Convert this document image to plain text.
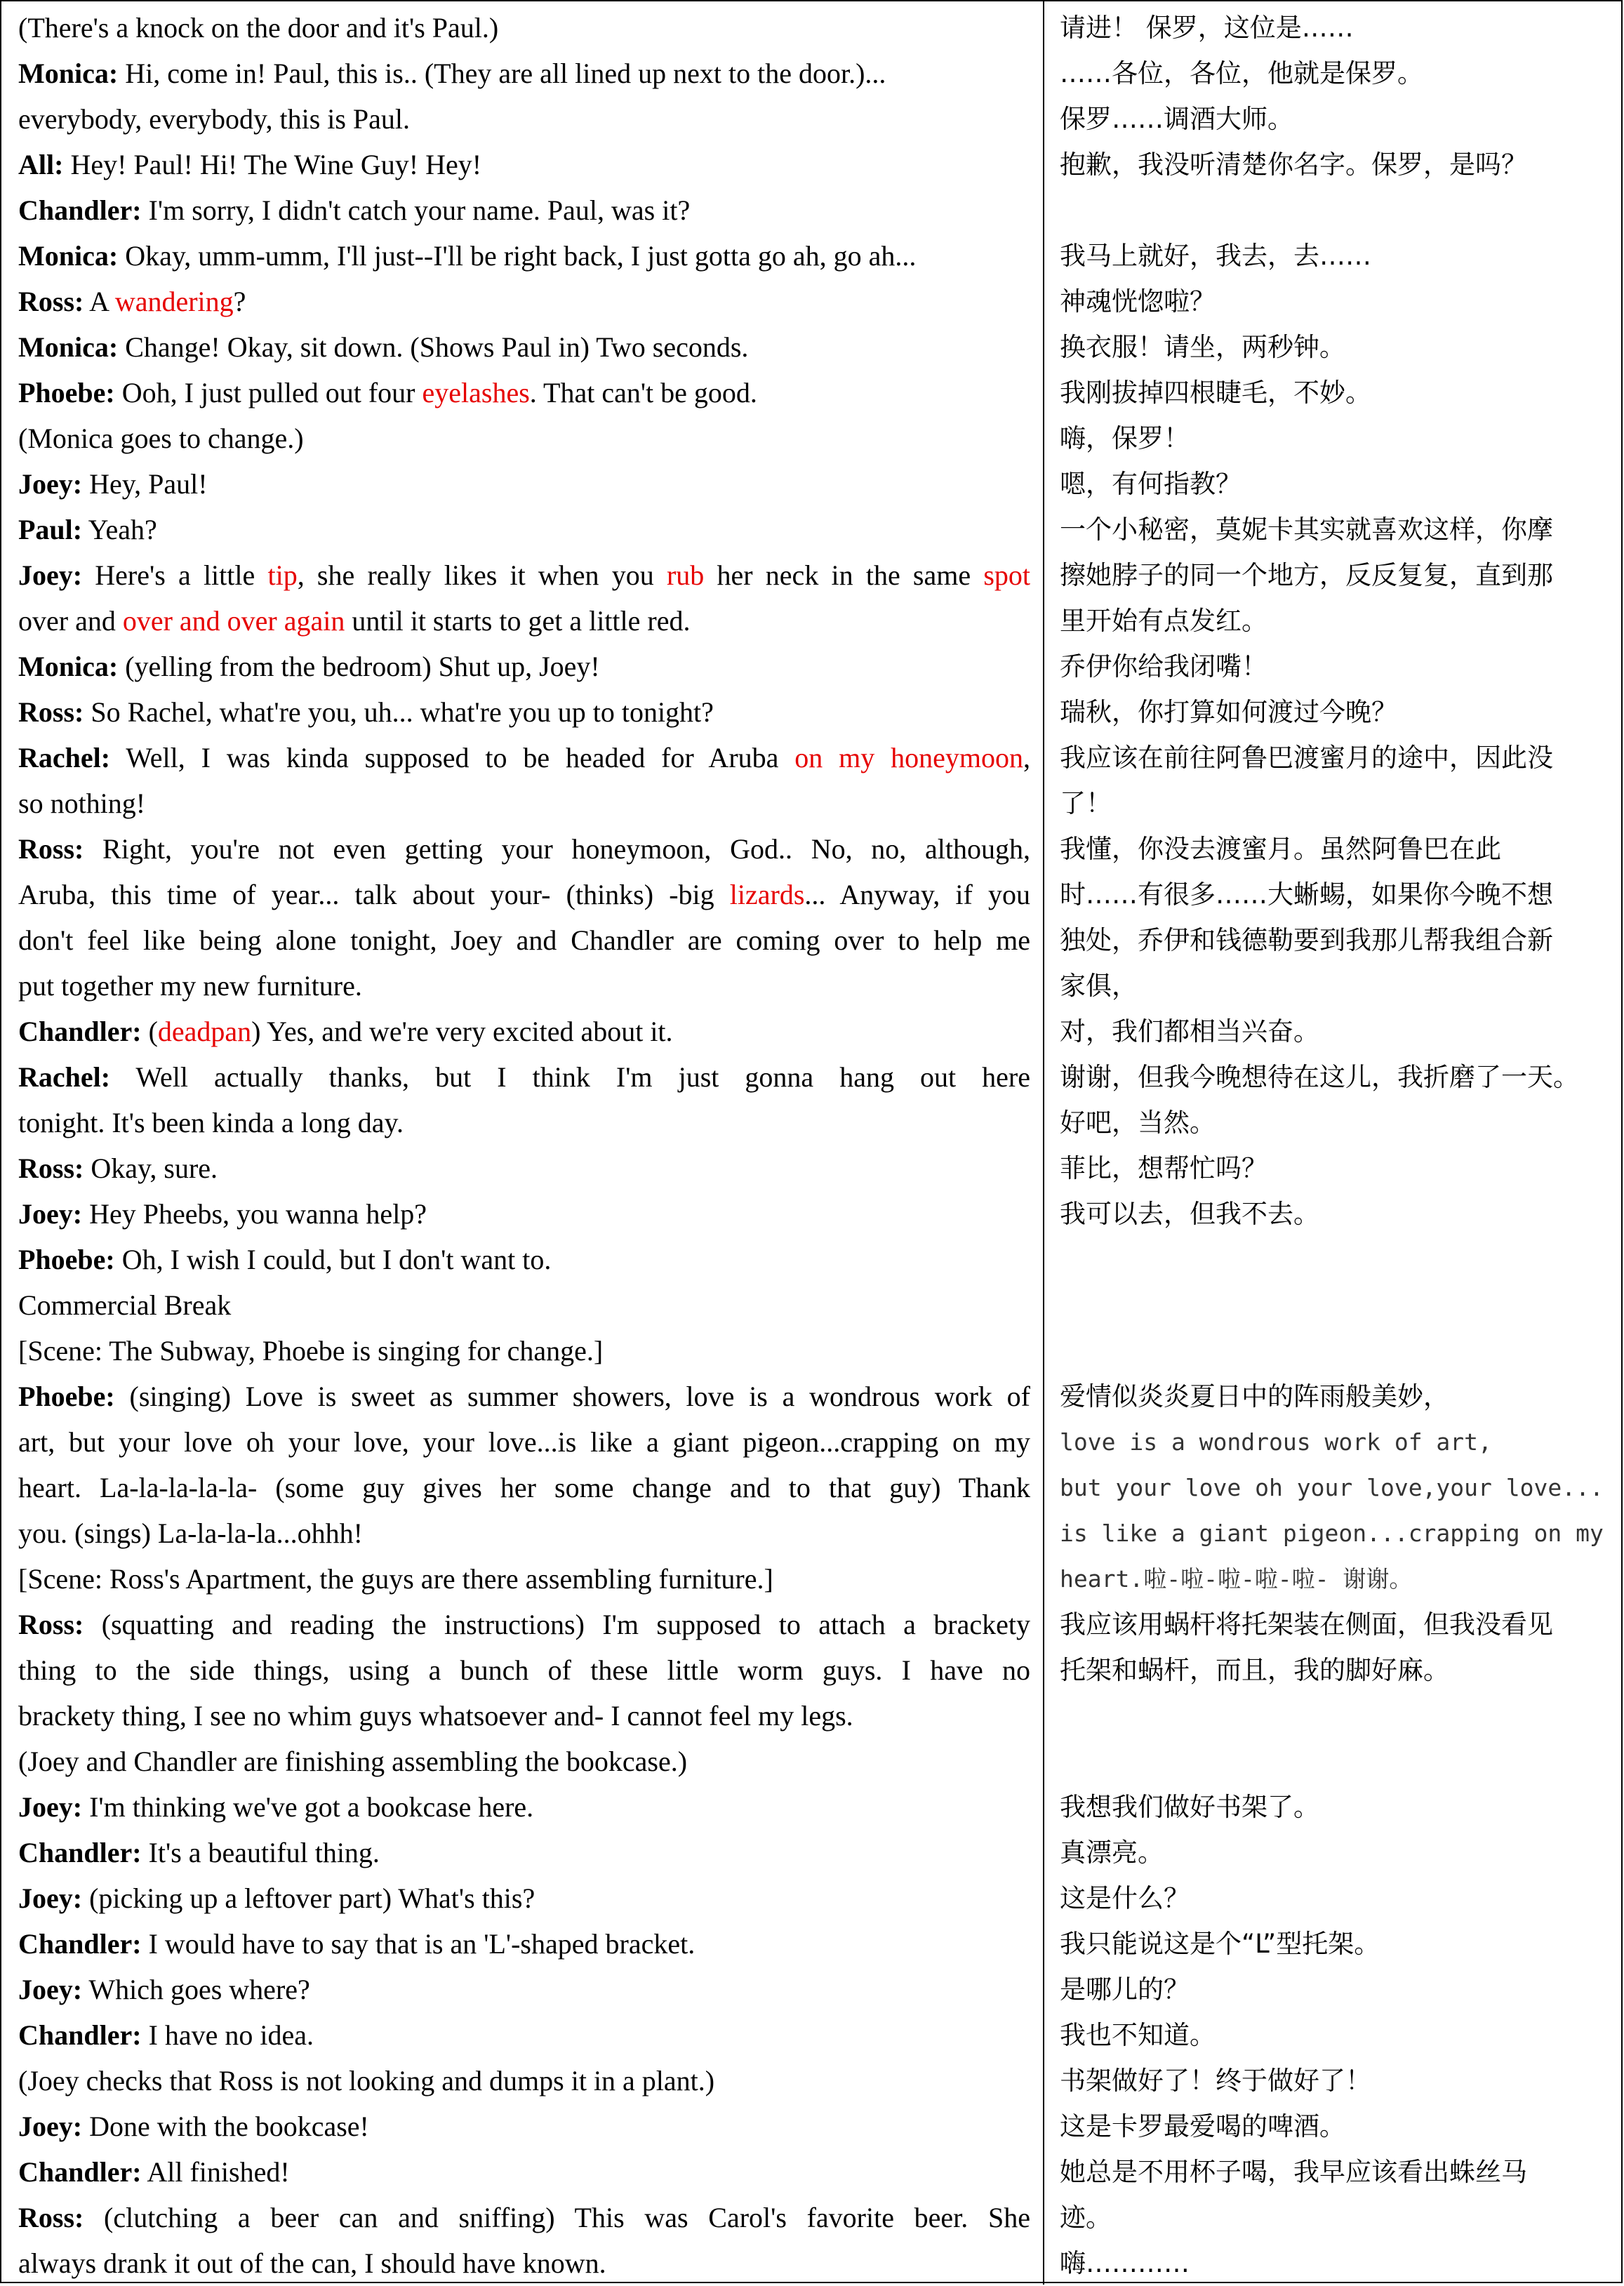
(There's a knock on the door and it's Paul.)
Monica: Hi, come in! Paul, this is.. (They are all lined up next to the door.)...
everybody, everybody, this is Paul.
All: Hey! Paul! Hi! The Wine Guy! Hey!
Chandler: I'm sorry, I didn't catch your name. Paul, was it?
Monica: Okay, umm-umm, I'll just--I'll be right back, I just gotta go ah, go ah...
Ross: A wandering?
Monica: Change! Okay, sit down. (Shows Paul in) Two seconds.
Phoebe: Ooh, I just pulled out four eyelashes. That can't be good.
(Monica goes to change.)
Joey: Hey, Paul!
Paul: Yeah?
Joey: Here's a little tip, she really likes it when you rub her neck in the same spot
over and over and over again until it starts to get a little red.
Monica: (yelling from the bedroom) Shut up, Joey!
Ross: So Rachel, what're you, uh... what're you up to tonight?
Rachel: Well, I was kinda supposed to be headed for Aruba on my honeymoon,
so nothing!
Ross: Right, you're not even getting your honeymoon, God.. No, no, although,
Aruba, this time of year... talk about your- (thinks) -big lizards... Anyway, if you
don't feel like being alone tonight, Joey and Chandler are coming over to help me
put together my new furniture.
Chandler: (deadpan) Yes, and we're very excited about it.
Rachel: Well actually thanks, but I think I'm just gonna hang out here
tonight. It's been kinda a long day.
Ross: Okay, sure.
Joey: Hey Pheebs, you wanna help?
Phoebe: Oh, I wish I could, but I don't want to.
Commercial Break
[Scene: The Subway, Phoebe is singing for change.]
Phoebe: (singing) Love is sweet as summer showers, love is a wondrous work of
art, but your love oh your love, your love...is like a giant pigeon...crapping on my
heart. La-la-la-la-la- (some guy gives her some change and to that guy) Thank
you. (sings) La-la-la-la...ohhh!
[Scene: Ross's Apartment, the guys are there assembling furniture.]
Ross: (squatting and reading the instructions) I'm supposed to attach a brackety
thing to the side things, using a bunch of these little worm guys. I have no
brackety thing, I see no whim guys whatsoever and- I cannot feel my legs.
(Joey and Chandler are finishing assembling the bookcase.)
Joey: I'm thinking we've got a bookcase here.
Chandler: It's a beautiful thing.
Joey: (picking up a leftover part) What's this?
Chandler: I would have to say that is an 'L'-shaped bracket.
Joey: Which goes where?
Chandler: I have no idea.
(Joey checks that Ross is not looking and dumps it in a plant.)
Joey: Done with the bookcase!
Chandler: All finished!
Ross: (clutching a beer can and sniffing) This was Carol's favorite beer. She
always drank it out of the can, I should have known.
请进！ 保罗，这位是……
……各位，各位，他就是保罗。
保罗……调酒大师。
抱歉，我没听清楚你名字。保罗，是吗？
我马上就好，我去，去……
神魂恍惚啦？
换衣服！请坐，两秒钟。
我刚拔掉四根睫毛，不妙。
嗨，保罗！
嗯，有何指教？
一个小秘密，莫妮卡其实就喜欢这样，你摩
擦她脖子的同一个地方，反反复复，直到那
里开始有点发红。
乔伊你给我闭嘴！
瑞秋，你打算如何渡过今晚？
我应该在前往阿鲁巴渡蜜月的途中，因此没
了！
我懂，你没去渡蜜月。虽然阿鲁巴在此
时……有很多……大蜥蜴，如果你今晚不想
独处，乔伊和钱德勒要到我那儿帮我组合新
家俱，
对，我们都相当兴奋。
谢谢，但我今晚想待在这儿，我折磨了一天。
好吧，当然。
菲比，想帮忙吗？
我可以去，但我不去。
爱情似炎炎夏日中的阵雨般美妙，
love is a wondrous work of art,
but your love oh your love,your love...
is like a giant pigeon...crapping on my
heart.啦-啦-啦-啦-啦- 谢谢。
我应该用蜗杆将托架装在侧面，但我没看见
托架和蜗杆，而且，我的脚好麻。
我想我们做好书架了。
真漂亮。
这是什么？
我只能说这是个“L”型托架。
是哪儿的？
我也不知道。
书架做好了！终于做好了！
这是卡罗最爱喝的啤酒。
她总是不用杯子喝，我早应该看出蛛丝马
迹。
嗨…………
